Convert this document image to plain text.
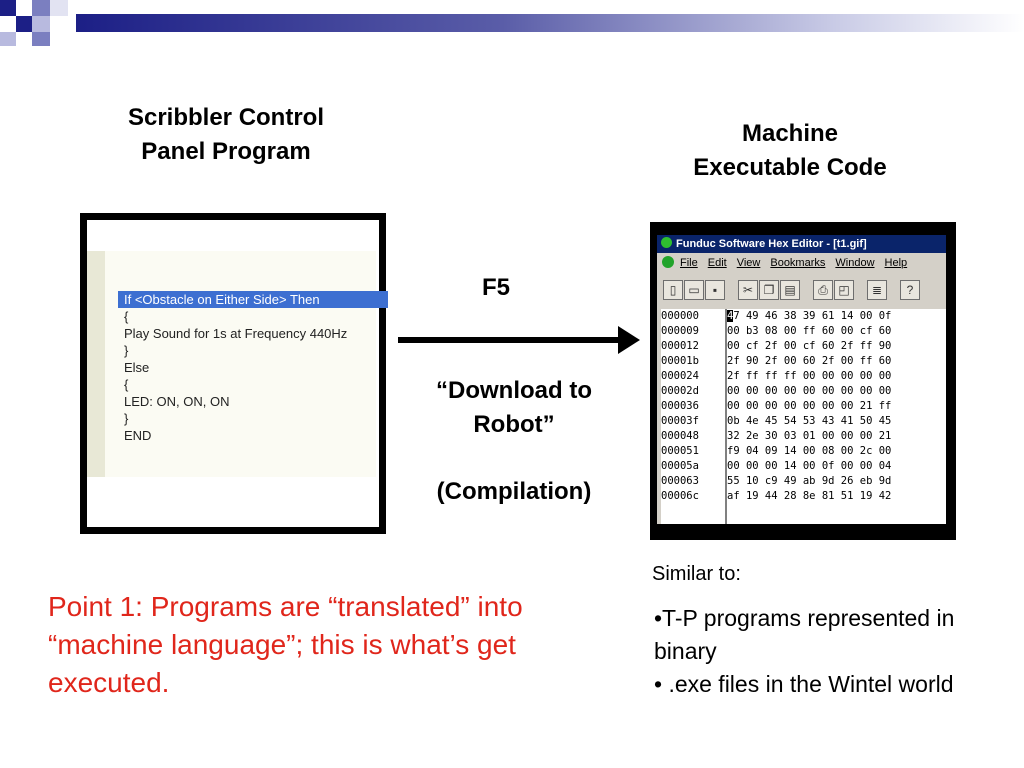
Scribbler Control
Panel Program
Machine
Executable Code
If <Obstacle on Either Side> Then
{
Play Sound for 1s at Frequency 440Hz
}
Else
{
LED: ON, ON, ON
}
END
F5
“Download to
Robot”
(Compilation)
Funduc Software Hex Editor - [t1.gif]
File Edit View Bookmarks Window Help
▯	▭	▪	✂ ❐ ▤	⎙ ◰	≣	?
000000	47 49 46 38 39 61 14 00 0f
000009	00 b3 08 00 ff 60 00 cf 60
000012	00 cf 2f 00 cf 60 2f ff 90
00001b	2f 90 2f 00 60 2f 00 ff 60
000024	2f ff ff ff 00 00 00 00 00
00002d	00 00 00 00 00 00 00 00 00
000036	00 00 00 00 00 00 00 21 ff
00003f	0b 4e 45 54 53 43 41 50 45
000048	32 2e 30 03 01 00 00 00 21
000051	f9 04 09 14 00 08 00 2c 00
00005a	00 00 00 14 00 0f 00 00 04
000063	55 10 c9 49 ab 9d 26 eb 9d
00006c	af 19 44 28 8e 81 51 19 42
Similar to:
Point 1: Programs are “translated” into “machine language”; this is what’s get executed.
•T-P programs represented in binary
• .exe files in the Wintel world
